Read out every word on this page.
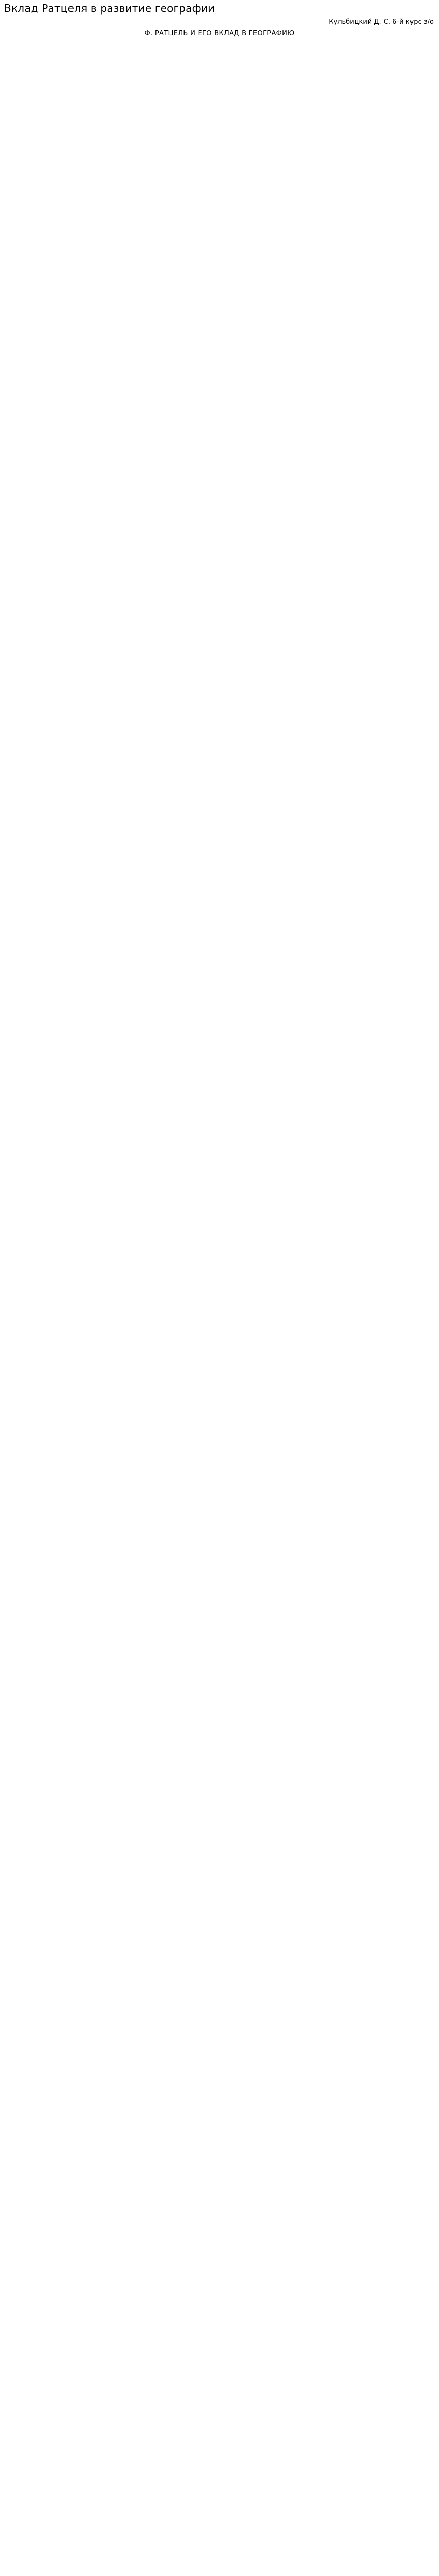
Вклад Ратцеля в развитие географии
Кульбицкий Д. С. 6-й курс з/о
Ф. РАТЦЕЛЬ И ЕГО ВКЛАД В ГЕОГРАФИЮ
